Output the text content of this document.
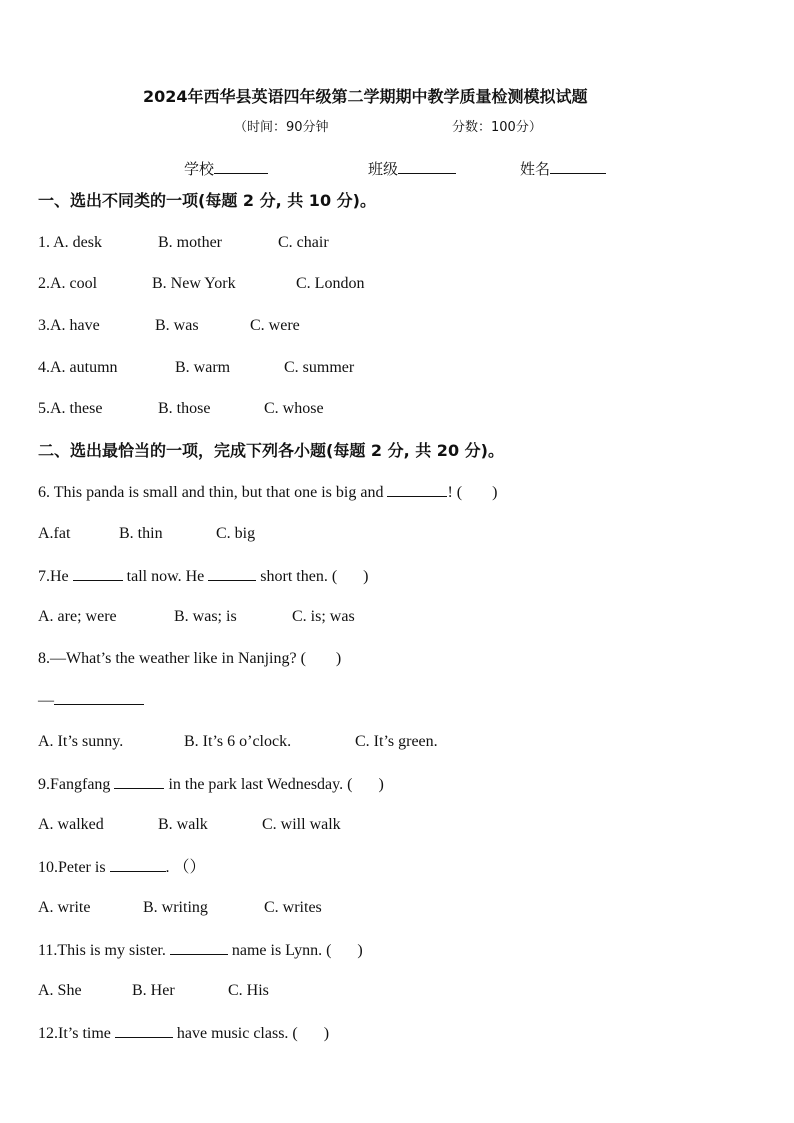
2024年西华县英语四年级第二学期期中教学质量检测模拟试题
（时间：90分钟	分数：100分）
学校	班级	姓名
一、选出不同类的一项(每题 2 分, 共 10 分)。
1. A. desk	B. mother	C. chair
2.A. cool	B. New York	C. London
3.A. have	B. was	C. were
4.A. autumn	B. warm	C. summer
5.A. these	B. those	C. whose
二、选出最恰当的一项，完成下列各小题(每题 2 分, 共 20 分)。
6. This panda is small and thin, but that one is big and	! ( )
A.fat	B. thin	C. big
7.He	tall now. He	short then. ( )
A. are; were	B. was; is	C. is; was
8.—What’s the weather like in Nanjing? ( )
—
A. It’s sunny.	B. It’s 6 o’clock.	C. It’s green.
9.Fangfang	in the park last Wednesday. ( )
A. walked	B. walk	C. will walk
10.Peter is	. （）
A. write	B. writing	C. writes
11.This is my sister.	name is Lynn. ( )
A. She	B. Her	C. His
12.It’s time	have music class. ( )
